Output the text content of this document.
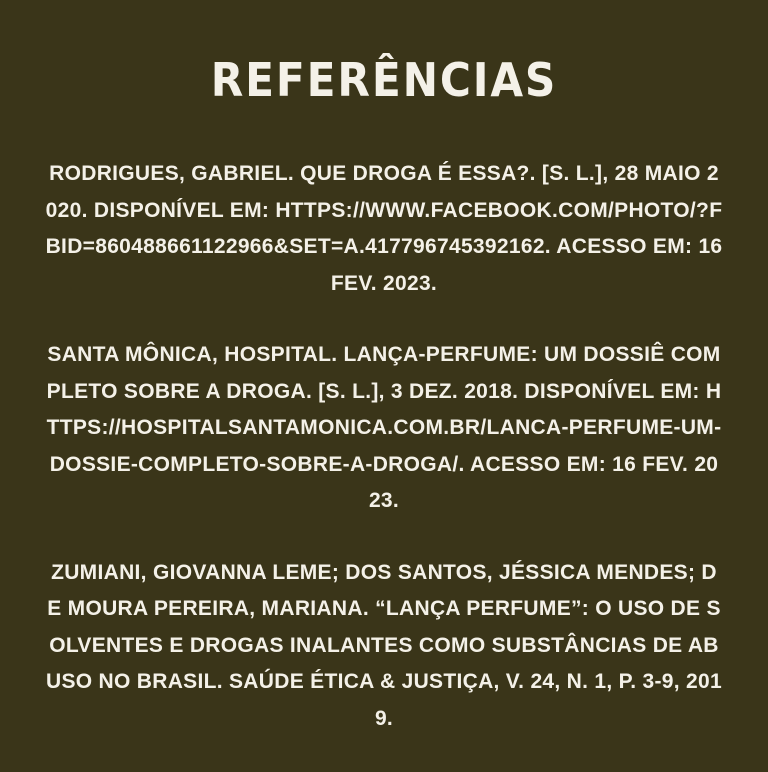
REFERÊNCIAS

RODRIGUES, GABRIEL. QUE DROGA É ESSA?. [S. L.], 28 MAIO 2020. DISPONÍVEL EM: HTTPS://WWW.FACEBOOK.COM/PHOTO/?FBID=860488661122966&SET=A.417796745392162. ACESSO EM: 16 FEV. 2023.

SANTA MÔNICA, HOSPITAL. LANÇA-PERFUME: UM DOSSIÊ COMPLETO SOBRE A DROGA. [S. L.], 3 DEZ. 2018. DISPONÍVEL EM: HTTPS://HOSPITALSANTAMONICA.COM.BR/LANCA-PERFUME-UM-DOSSIE-COMPLETO-SOBRE-A-DROGA/. ACESSO EM: 16 FEV. 2023.

ZUMIANI, GIOVANNA LEME; DOS SANTOS, JÉSSICA MENDES; DE MOURA PEREIRA, MARIANA. “LANÇA PERFUME”: O USO DE SOLVENTES E DROGAS INALANTES COMO SUBSTÂNCIAS DE ABUSO NO BRASIL. SAÚDE ÉTICA & JUSTIÇA, V. 24, N. 1, P. 3-9, 2019.
